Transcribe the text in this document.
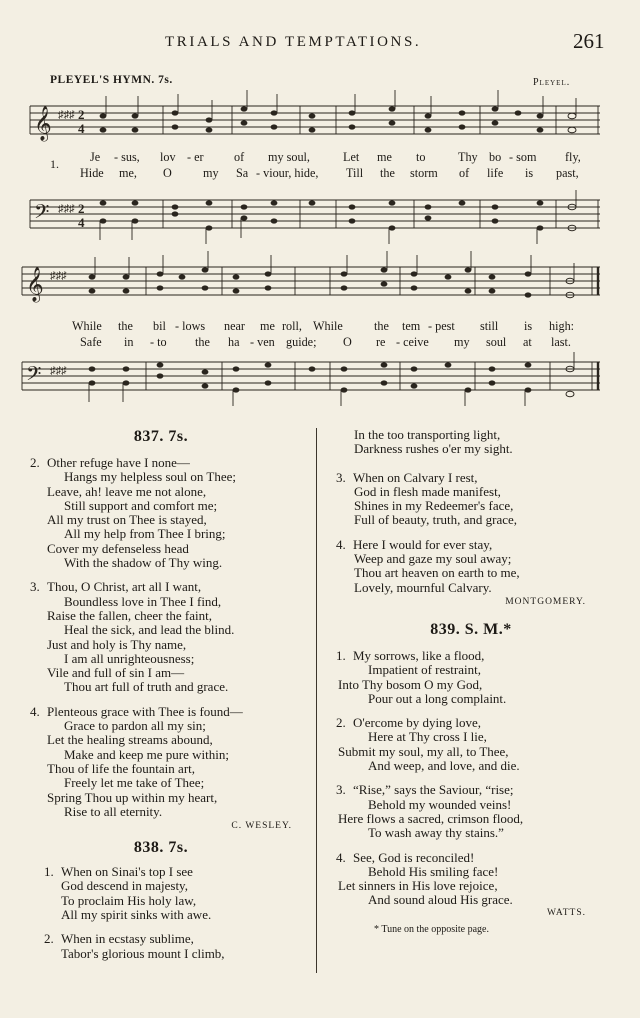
TRIALS AND TEMPTATIONS.	261
PLEYEL'S HYMN. 7s.	Pleyel.
𝄞 ♯♯♯ 2
4
1.	Je - sus, lov - er of my soul,	Let me to	Thy bo - som fly,
Hide me, O	my Sa - viour, hide, Till the storm of life is past,
𝄢 ♯♯♯ 2
4
𝄞 ♯♯♯
While the bil - lows near me roll, While	the tem - pest still is high:
Safe in - to the ha - ven guide; O re - ceive my soul at last.
𝄢 ♯♯♯
837. 7s.
2. Other refuge have I none—
Hangs my helpless soul on Thee;
Leave, ah! leave me not alone,
Still support and comfort me;
All my trust on Thee is stayed,
All my help from Thee I bring;
Cover my defenseless head
With the shadow of Thy wing.
3. Thou, O Christ, art all I want,
Boundless love in Thee I find,
Raise the fallen, cheer the faint,
Heal the sick, and lead the blind.
Just and holy is Thy name,
I am all unrighteousness;
Vile and full of sin I am—
Thou art full of truth and grace.
4. Plenteous grace with Thee is found—
Grace to pardon all my sin;
Let the healing streams abound,
Make and keep me pure within;
Thou of life the fountain art,
Freely let me take of Thee;
Spring Thou up within my heart,
Rise to all eternity.
C. WESLEY.
838. 7s.
1. When on Sinai's top I see
God descend in majesty,
To proclaim His holy law,
All my spirit sinks with awe.
2. When in ecstasy sublime,
Tabor's glorious mount I climb,
In the too transporting light,
Darkness rushes o'er my sight.
3. When on Calvary I rest,
God in flesh made manifest,
Shines in my Redeemer's face,
Full of beauty, truth, and grace,
4. Here I would for ever stay,
Weep and gaze my soul away;
Thou art heaven on earth to me,
Lovely, mournful Calvary.
MONTGOMERY.
839. S. M.*
1. My sorrows, like a flood,
Impatient of restraint,
Into Thy bosom O my God,
Pour out a long complaint.
2. O'ercome by dying love,
Here at Thy cross I lie,
Submit my soul, my all, to Thee,
And weep, and love, and die.
3. “Rise,” says the Saviour, “rise;
Behold my wounded veins!
Here flows a sacred, crimson flood,
To wash away thy stains.”
4. See, God is reconciled!
Behold His smiling face!
Let sinners in His love rejoice,
And sound aloud His grace.
WATTS.
* Tune on the opposite page.
